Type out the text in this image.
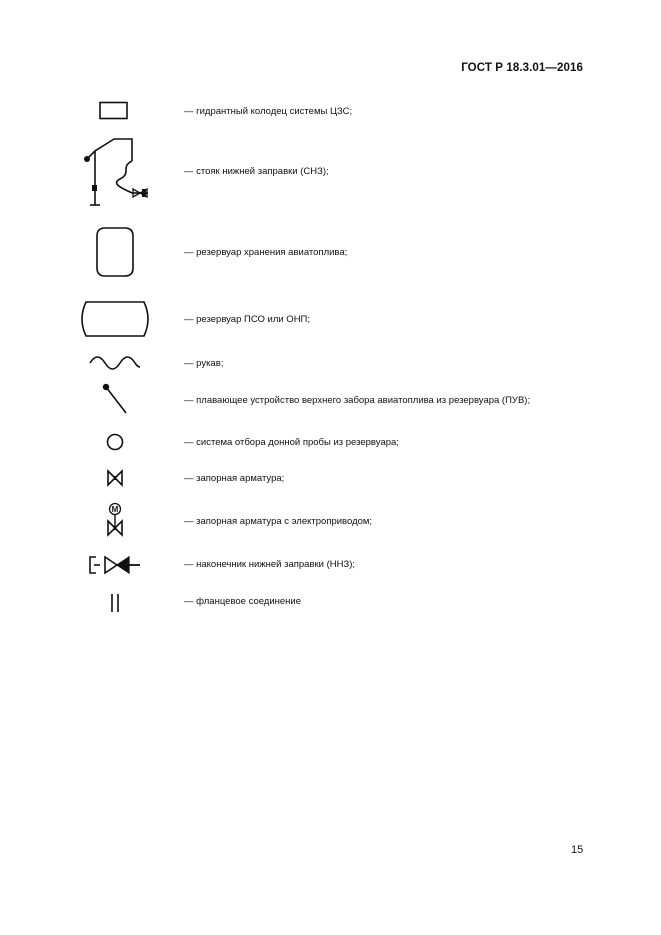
ГОСТ Р 18.3.01—2016
— гидрантный колодец системы ЦЗС;
— стояк нижней заправки (СНЗ);
— резервуар хранения авиатоплива;
— резервуар ПСО или ОНП;
— рукав;
— плавающее устройство верхнего забора авиатоплива из резервуара (ПУВ);
— система отбора донной пробы из резервуара;
— запорная арматура;
M
— запорная арматура с электроприводом;
— наконечник нижней заправки (ННЗ);
— фланцевое соединение
15
